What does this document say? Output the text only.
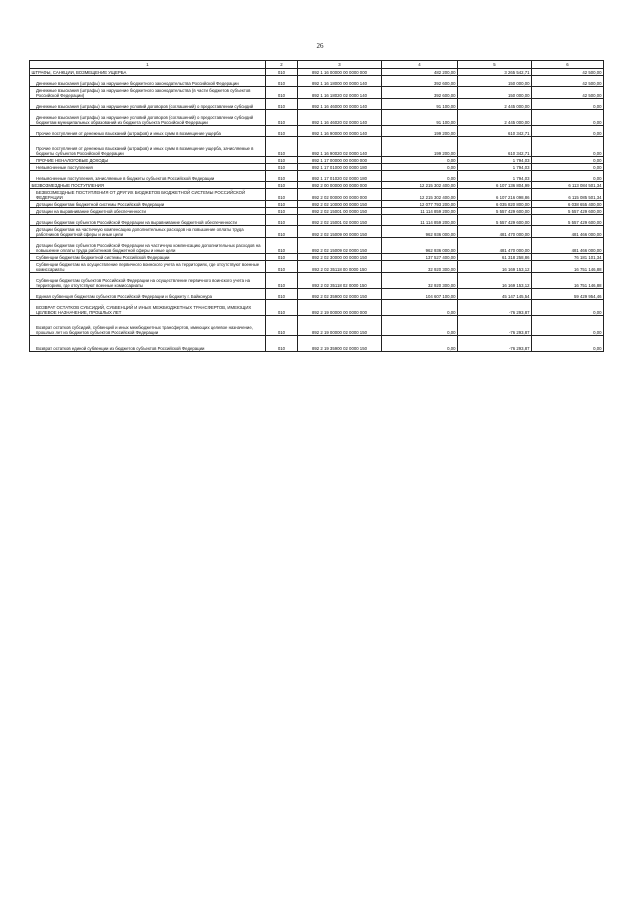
26
1	2	3	4	5	6
ШТРАФЫ, САНКЦИИ, ВОЗМЕЩЕНИЕ УЩЕРБА	010	892 1 16 00000 00 0000 000	482 200,00	3 265 542,71	42 500,00
Денежные взыскания (штрафы) за нарушение бюджетного законодательства Российской Федерации	010	892 1 16 18000 00 0000 140	392 600,00	150 000,00	42 500,00
Денежные взыскания (штрафы) за нарушение бюджетного законодательства (в части бюджетов субъектов Российской Федерации)	010	892 1 16 18020 02 0000 140	392 600,00	150 000,00	42 500,00
Денежные взыскания (штрафы) за нарушение условий договоров (соглашений) о предоставлении субсидий	010	892 1 16 46000 00 0000 140	91 100,00	2 445 000,00	0,00
Денежные взыскания (штрафы) за нарушение условий договоров (соглашений) о предоставлении субсидий бюджетам муниципальных образований из бюджета субъекта Российской Федерации	010	892 1 16 46020 02 0000 140	91 100,00	2 445 000,00	0,00
Прочие поступления от денежных взысканий (штрафов) и иных сумм в возмещение ущерба	010	892 1 16 90000 00 0000 140	199 200,00	610 342,71	0,00
Прочие поступления от денежных взысканий (штрафов) и иных сумм в возмещение ущерба, зачисляемые в бюджеты субъектов Российской Федерации	010	892 1 16 90020 02 0000 140	199 200,00	610 342,71	0,00
ПРОЧИЕ НЕНАЛОГОВЫЕ ДОХОДЫ	010	892 1 17 00000 00 0000 000	0,00	1 794,03	0,00
Невыясненные поступления	010	892 1 17 01000 00 0000 180	0,00	1 794,03	0,00
Невыясненные поступления, зачисляемые в бюджеты субъектов Российской Федерации	010	892 1 17 01020 02 0000 180	0,00	1 794,03	0,00
БЕЗВОЗМЕЗДНЫЕ ПОСТУПЛЕНИЯ	010	892 2 00 00000 00 0000 000	12 215 302 400,00	6 107 136 804,99	6 113 084 501,34
БЕЗВОЗМЕЗДНЫЕ ПОСТУПЛЕНИЯ ОТ ДРУГИХ БЮДЖЕТОВ БЮДЖЕТНОЙ СИСТЕМЫ РОССИЙСКОЙ ФЕДЕРАЦИИ	010	892 2 02 00000 00 0000 000	12 215 302 400,00	6 107 216 098,86	6 115 085 501,34
Дотации бюджетам бюджетной системы Российской Федерации	010	892 2 02 10000 00 0000 150	12 077 793 200,00	6 035 820 800,00	6 038 655 400,00
Дотации на выравнивание бюджетной обеспеченности	010	892 2 02 15001 00 0000 150	11 114 859 200,00	5 557 429 600,00	5 557 429 600,00
Дотации бюджетам субъектов Российской Федерации на выравнивание бюджетной обеспеченности	010	892 2 02 15001 02 0000 150	11 114 859 200,00	5 557 429 600,00	5 557 429 600,00
Дотации бюджетам на частичную компенсацию дополнительных расходов на повышение оплаты труда работников бюджетной сферы и иные цели	010	892 2 02 15009 00 0000 150	962 936 000,00	481 470 000,00	481 466 000,00
Дотации бюджетам субъектов Российской Федерации на частичную компенсацию дополнительных расходов на повышение оплаты труда работников бюджетной сферы и иные цели	010	892 2 02 15009 02 0000 150	962 936 000,00	481 470 000,00	481 466 000,00
Субвенции бюджетам бюджетной системы Российской Федерации	010	892 2 02 30000 00 0000 150	137 527 400,00	61 318 258,86	76 181 101,34
Субвенции бюджетам на осуществление первичного воинского учета на территориях, где отсутствуют военные комиссариаты	010	892 2 02 35118 00 0000 150	32 920 300,00	16 169 153,12	16 751 146,88
Субвенции бюджетам субъектов Российской Федерации на осуществление первичного воинского учета на территориях, где отсутствуют военные комиссариаты	010	892 2 02 35118 02 0000 150	32 920 300,00	16 169 153,12	16 751 146,88
Единая субвенция бюджетам субъектов Российской Федерации и бюджету г. Байконура	010	892 2 02 35900 02 0000 150	104 607 100,00	45 147 145,54	59 429 954,46
ВОЗВРАТ ОСТАТКОВ СУБСИДИЙ, СУБВЕНЦИЙ И ИНЫХ МЕЖБЮДЖЕТНЫХ ТРАНСФЕРТОВ, ИМЕЮЩИХ ЦЕЛЕВОЕ НАЗНАЧЕНИЕ, ПРОШЛЫХ ЛЕТ	010	892 2 19 00000 00 0000 000	0,00	-76 293,87	0,00
Возврат остатков субсидий, субвенций и иных межбюджетных трансфертов, имеющих целевое назначение, прошлых лет из бюджетов субъектов Российской Федерации	010	892 2 19 00000 02 0000 150	0,00	-76 293,87	0,00
Возврат остатков единой субвенции из бюджетов субъектов Российской Федерации	010	892 2 19 35900 02 0000 150	0,00	-76 293,87	0,00
